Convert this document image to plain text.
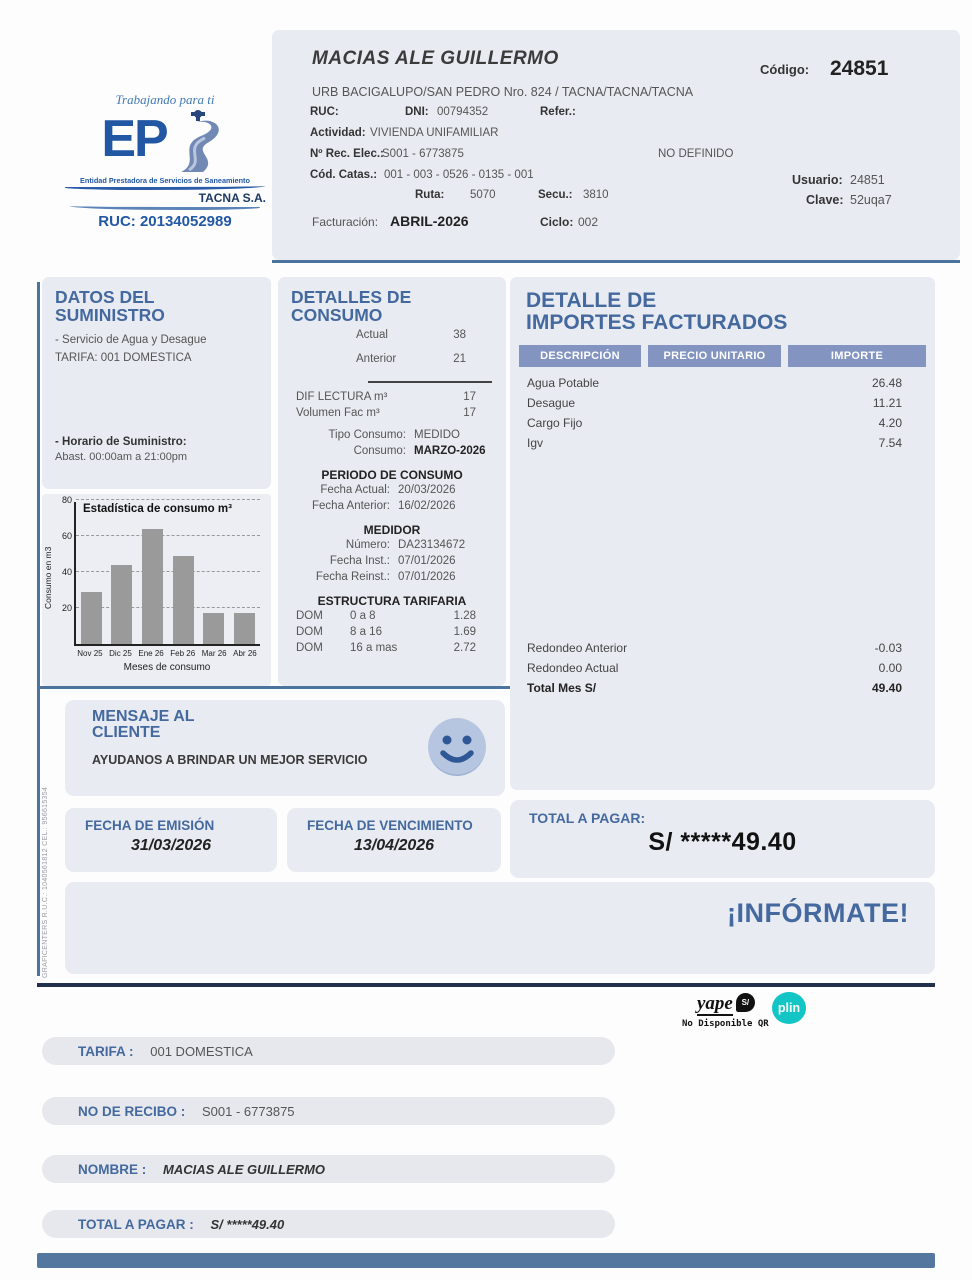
Trabajando para ti
EP
Entidad Prestadora de Servicios de Saneamiento
TACNA S.A.
RUC: 20134052989
MACIAS ALE GUILLERMO
Código: 24851
URB BACIGALUPO/SAN PEDRO Nro. 824 / TACNA/TACNA/TACNA
RUC:	DNI: 00794352	Refer.:
Actividad: VIVIENDA UNIFAMILIAR
Nº Rec. Elec.:
S001 - 6773875	NO DEFINIDO
Cód. Catas.: 001 - 003 - 0526 - 0135 - 001
Ruta: 5070	Secu.: 3810
Usuario: 24851
Clave: 52uqa7
Facturación: ABRIL-2026	Ciclo: 002
DATOS DEL
SUMINISTRO
- Servicio de Agua y Desague
TARIFA: 001 DOMESTICA
- Horario de Suministro:
Abast. 00:00am a 21:00pm
Consumo en m3
Estadística de consumo m³
20
40
60
80
Nov 25 Dic 25 Ene 26 Feb 26 Mar 26 Abr 26
Meses de consumo
GRAFICENTERS R.U.C.: 1040561812 CEL.: 956615354
DETALLES DE
CONSUMO
Actual	38
Anterior	21
DIF LECTURA m³	17
Volumen Fac m³	17
Tipo Consumo: MEDIDO
Consumo: MARZO-2026
PERIODO DE CONSUMO
Fecha Actual: 20/03/2026
Fecha Anterior: 16/02/2026
MEDIDOR
Número: DA23134672
Fecha Inst.: 07/01/2026
Fecha Reinst.: 07/01/2026
ESTRUCTURA TARIFARIA
DOM 0 a 8	1.28
DOM 8 a 16	1.69
DOM 16 a mas	2.72
DETALLE DE
IMPORTES FACTURADOS
DESCRIPCIÓN	PRECIO UNITARIO	IMPORTE
Agua Potable	26.48
Desague	11.21
Cargo Fijo	4.20
Igv	7.54
Redondeo Anterior	-0.03
Redondeo Actual	0.00
Total Mes S/	49.40
MENSAJE AL
CLIENTE
AYUDANOS A BRINDAR UN MEJOR SERVICIO
FECHA DE EMISIÓN
31/03/2026
FECHA DE VENCIMIENTO
13/04/2026
TOTAL A PAGAR:
S/ *****49.40
¡INFÓRMATE!
yape	S/	plin
No Disponible QR
TARIFA : 001 DOMESTICA
NO DE RECIBO : S001 - 6773875
NOMBRE : MACIAS ALE GUILLERMO
TOTAL A PAGAR : S/ *****49.40
